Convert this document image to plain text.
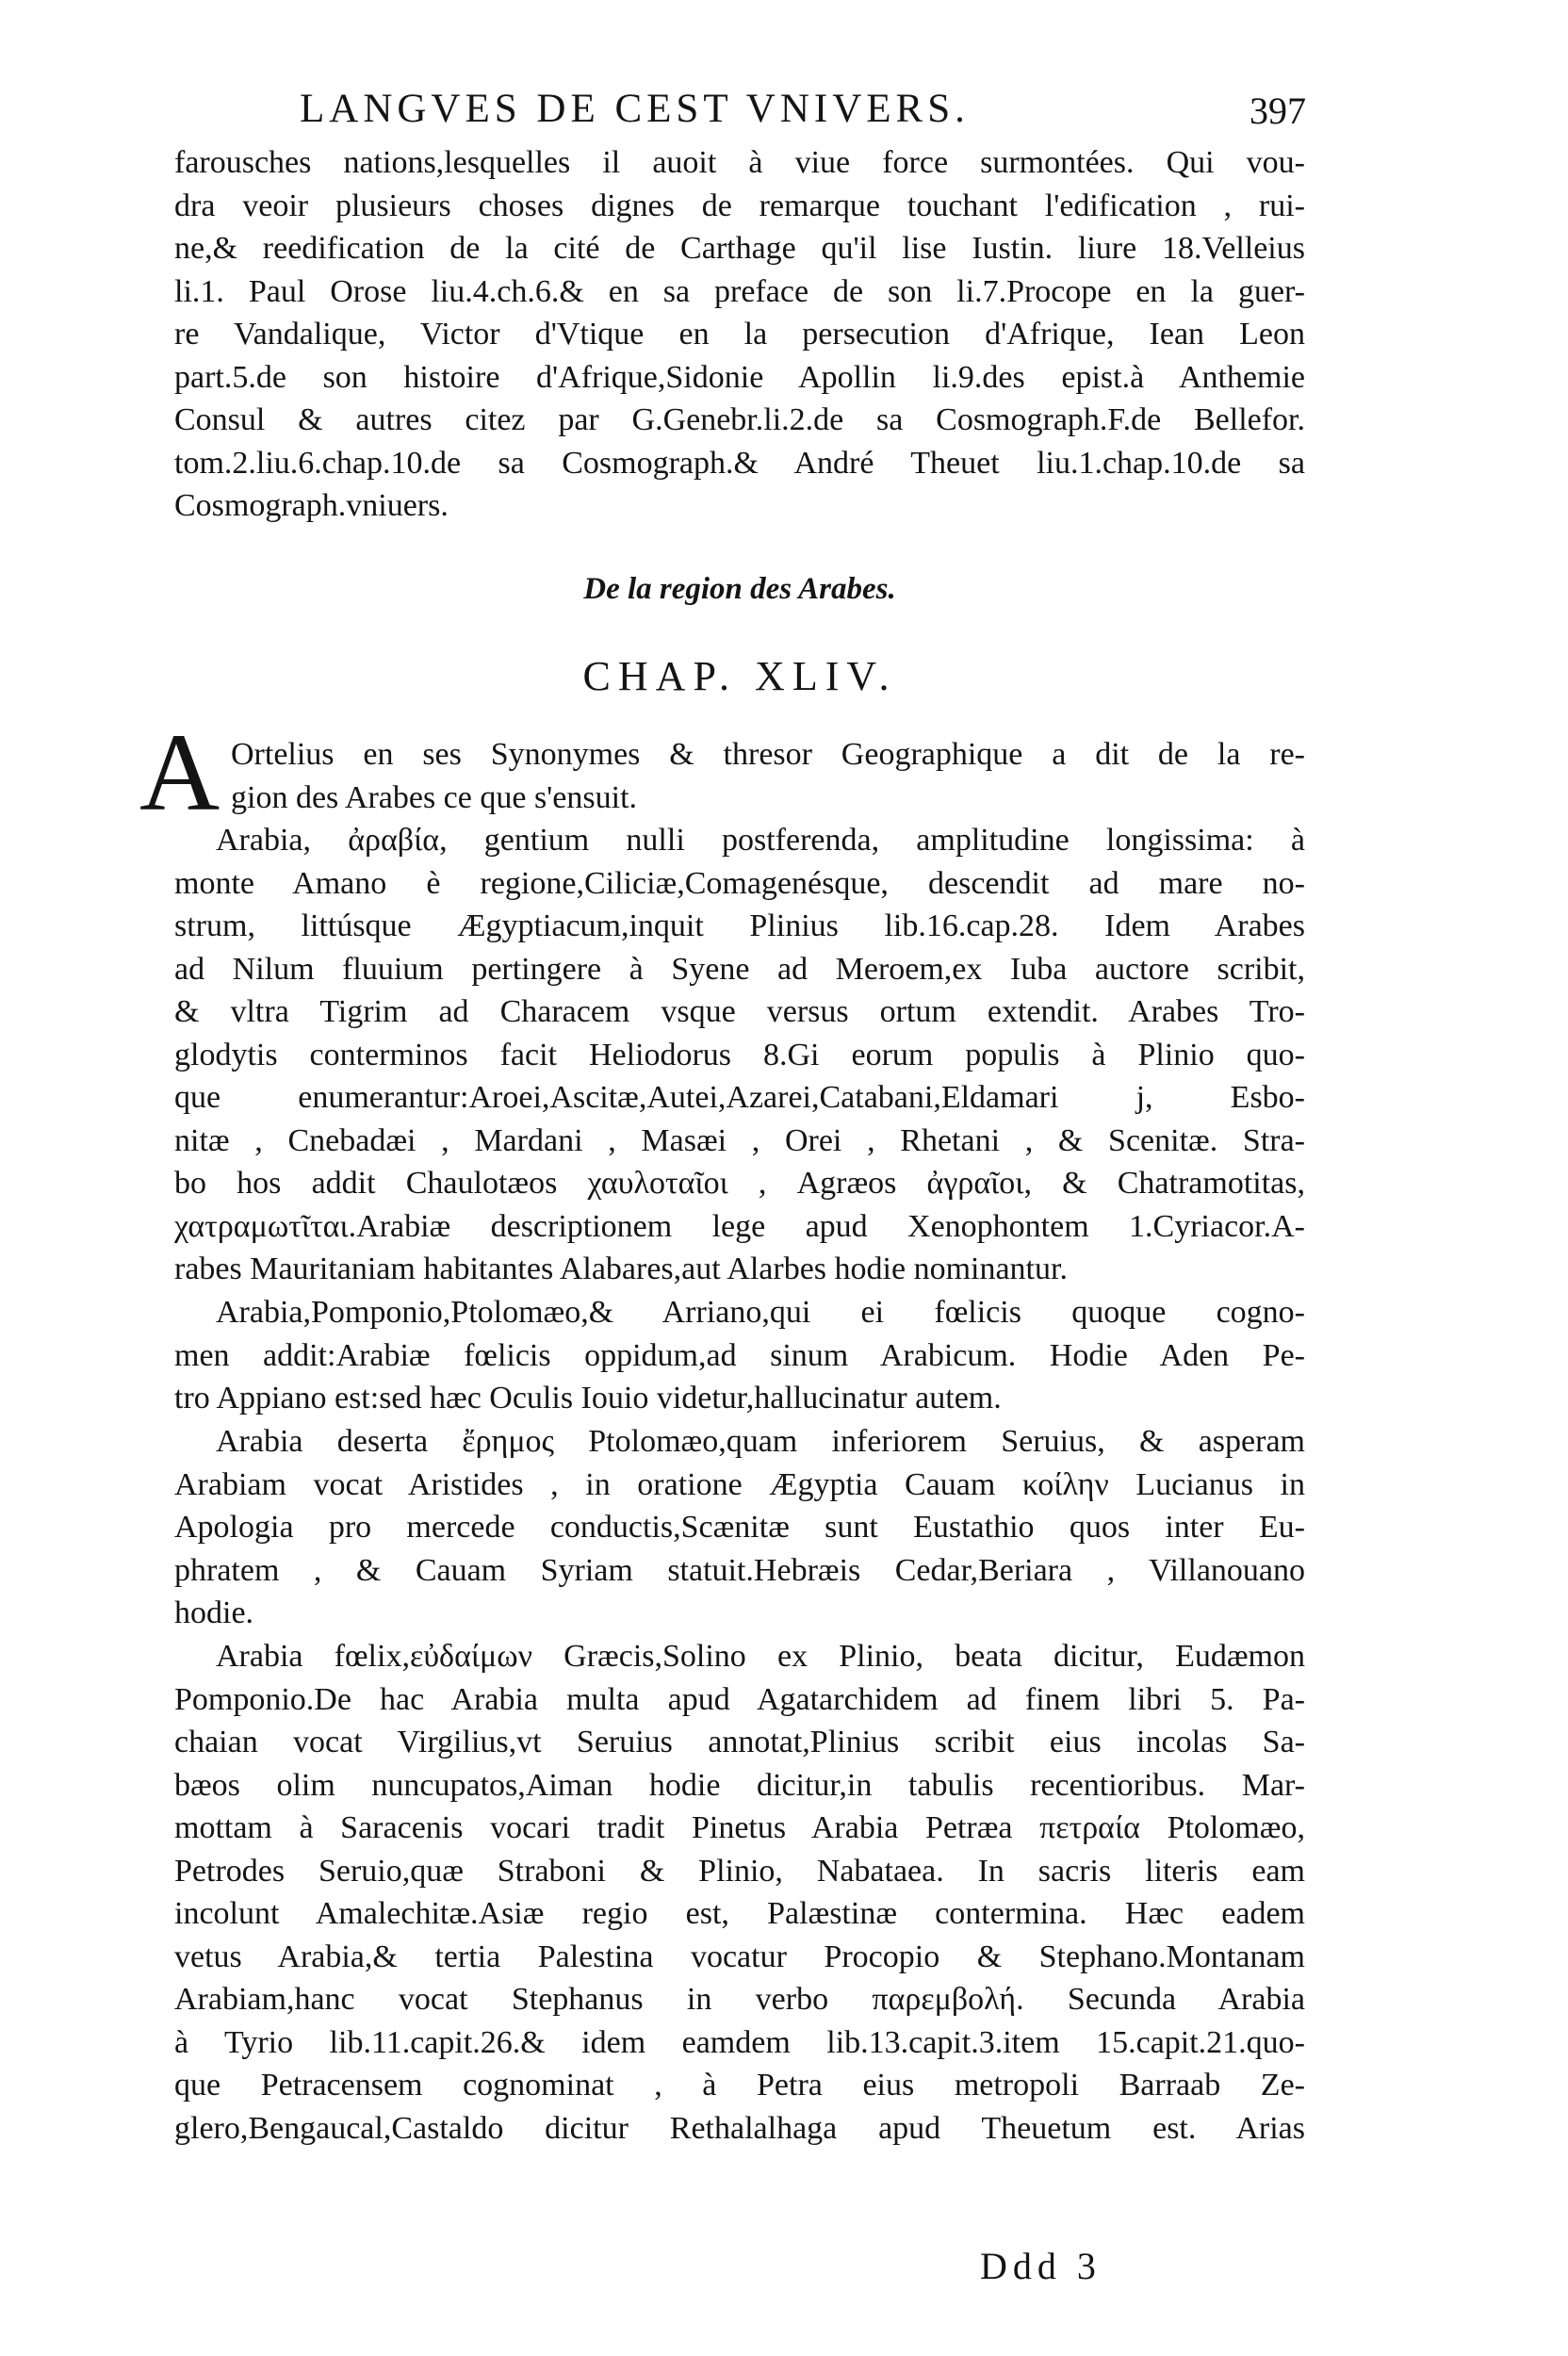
LANGVES DE CEST VNIVERS.	397
farousches nations,lesquelles il auoit à viue force surmontées. Qui vou-
dra veoir plusieurs choses dignes de remarque touchant l'edification , rui-
ne,& reedification de la cité de Carthage qu'il lise Iustin. liure 18.Velleius
li.1. Paul Orose liu.4.ch.6.& en sa preface de son li.7.Procope en la guer-
re Vandalique, Victor d'Vtique en la persecution d'Afrique, Iean Leon
part.5.de son histoire d'Afrique,Sidonie Apollin li.9.des epist.à Anthemie
Consul & autres citez par G.Genebr.li.2.de sa Cosmograph.F.de Bellefor.
tom.2.liu.6.chap.10.de sa Cosmograph.& André Theuet liu.1.chap.10.de sa
Cosmograph.vniuers.
De la region des Arabes.
CHAP. XLIV.
A Ortelius en ses Synonymes & thresor Geographique a dit de la re-
gion des Arabes ce que s'ensuit.
Arabia, ἀραβία, gentium nulli postferenda, amplitudine longissima: à
monte Amano è regione,Ciliciæ,Comagenésque, descendit ad mare no-
strum, littúsque Ægyptiacum,inquit Plinius lib.16.cap.28. Idem Arabes
ad Nilum fluuium pertingere à Syene ad Meroem,ex Iuba auctore scribit,
& vltra Tigrim ad Characem vsque versus ortum extendit. Arabes Tro-
glodytis conterminos facit Heliodorus 8.Gi eorum populis à Plinio quo-
que enumerantur:Aroei,Ascitæ,Autei,Azarei,Catabani,Eldamari j, Esbo-
nitæ , Cnebadæi , Mardani , Masæi , Orei , Rhetani , & Scenitæ. Stra-
bo hos addit Chaulotæos χαυλοταῖοι , Agræos ἀγραῖοι, & Chatramotitas,
χατραμωτῖται.Arabiæ descriptionem lege apud Xenophontem 1.Cyriacor.A-
rabes Mauritaniam habitantes Alabares,aut Alarbes hodie nominantur.
Arabia,Pomponio,Ptolomæo,& Arriano,qui ei fœlicis quoque cogno-
men addit:Arabiæ fœlicis oppidum,ad sinum Arabicum. Hodie Aden Pe-
tro Appiano est:sed hæc Oculis Iouio videtur,hallucinatur autem.
Arabia deserta ἔρημος Ptolomæo,quam inferiorem Seruius, & asperam
Arabiam vocat Aristides , in oratione Ægyptia Cauam κοίλην Lucianus in
Apologia pro mercede conductis,Scænitæ sunt Eustathio quos inter Eu-
phratem , & Cauam Syriam statuit.Hebræis Cedar,Beriara , Villanouano
hodie.
Arabia fœlix,εὐδαίμων Græcis,Solino ex Plinio, beata dicitur, Eudæmon
Pomponio.De hac Arabia multa apud Agatarchidem ad finem libri 5. Pa-
chaian vocat Virgilius,vt Seruius annotat,Plinius scribit eius incolas Sa-
bæos olim nuncupatos,Aiman hodie dicitur,in tabulis recentioribus. Mar-
mottam à Saracenis vocari tradit Pinetus Arabia Petræa πετραία Ptolomæo,
Petrodes Seruio,quæ Straboni & Plinio, Nabataea. In sacris literis eam
incolunt Amalechitæ.Asiæ regio est, Palæstinæ contermina. Hæc eadem
vetus Arabia,& tertia Palestina vocatur Procopio & Stephano.Montanam
Arabiam,hanc vocat Stephanus in verbo παρεμβολή. Secunda Arabia
à Tyrio lib.11.capit.26.& idem eamdem lib.13.capit.3.item 15.capit.21.quo-
que Petracensem cognominat , à Petra eius metropoli Barraab Ze-
glero,Bengaucal,Castaldo dicitur Rethalalhaga apud Theuetum est. Arias
Ddd 3
